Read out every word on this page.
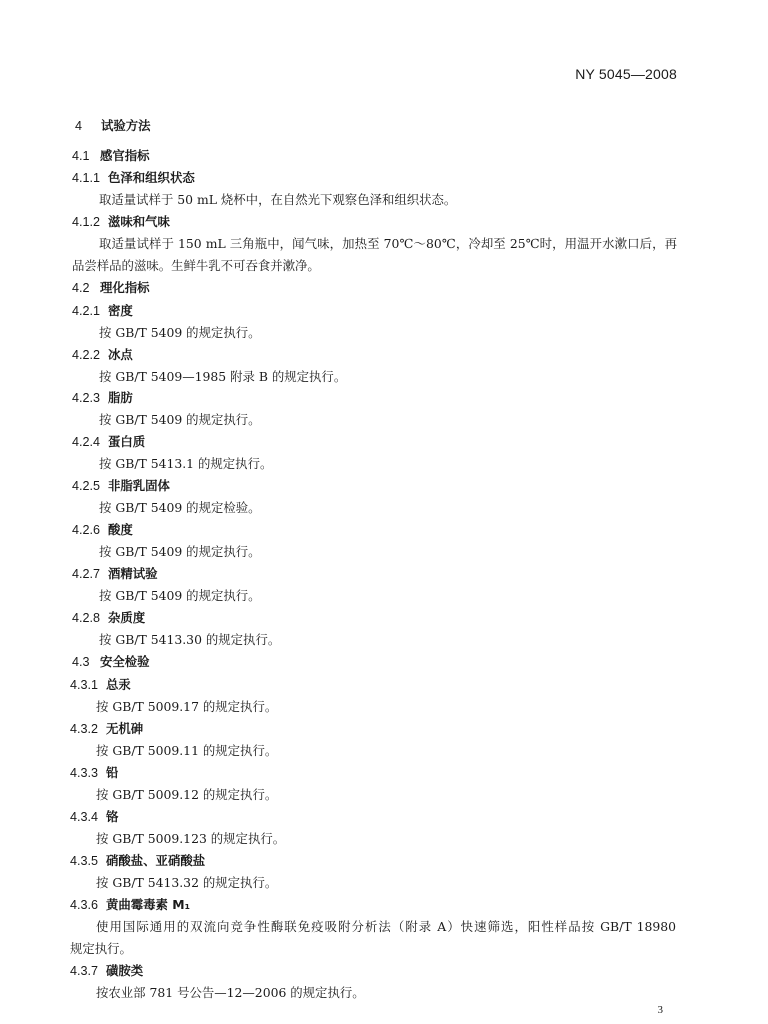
NY 5045—2008
4 试验方法
4.1 感官指标
4.1.1 色泽和组织状态
取适量试样于 50 mL 烧杯中，在自然光下观察色泽和组织状态。
4.1.2 滋味和气味
取适量试样于 150 mL 三角瓶中，闻气味，加热至 70℃～80℃，冷却至 25℃时，用温开水漱口后，再
品尝样品的滋味。生鲜牛乳不可吞食并漱净。
4.2 理化指标
4.2.1 密度
按 GB/T 5409 的规定执行。
4.2.2 冰点
按 GB/T 5409—1985 附录 B 的规定执行。
4.2.3 脂肪
按 GB/T 5409 的规定执行。
4.2.4 蛋白质
按 GB/T 5413.1 的规定执行。
4.2.5 非脂乳固体
按 GB/T 5409 的规定检验。
4.2.6 酸度
按 GB/T 5409 的规定执行。
4.2.7 酒精试验
按 GB/T 5409 的规定执行。
4.2.8 杂质度
按 GB/T 5413.30 的规定执行。
4.3 安全检验
4.3.1 总汞
按 GB/T 5009.17 的规定执行。
4.3.2 无机砷
按 GB/T 5009.11 的规定执行。
4.3.3 铅
按 GB/T 5009.12 的规定执行。
4.3.4 铬
按 GB/T 5009.123 的规定执行。
4.3.5 硝酸盐、亚硝酸盐
按 GB/T 5413.32 的规定执行。
4.3.6 黄曲霉毒素 M₁
使用国际通用的双流向竞争性酶联免疫吸附分析法（附录 A）快速筛选，阳性样品按 GB/T 18980
规定执行。
4.3.7 磺胺类
按农业部 781 号公告—12—2006 的规定执行。
3
